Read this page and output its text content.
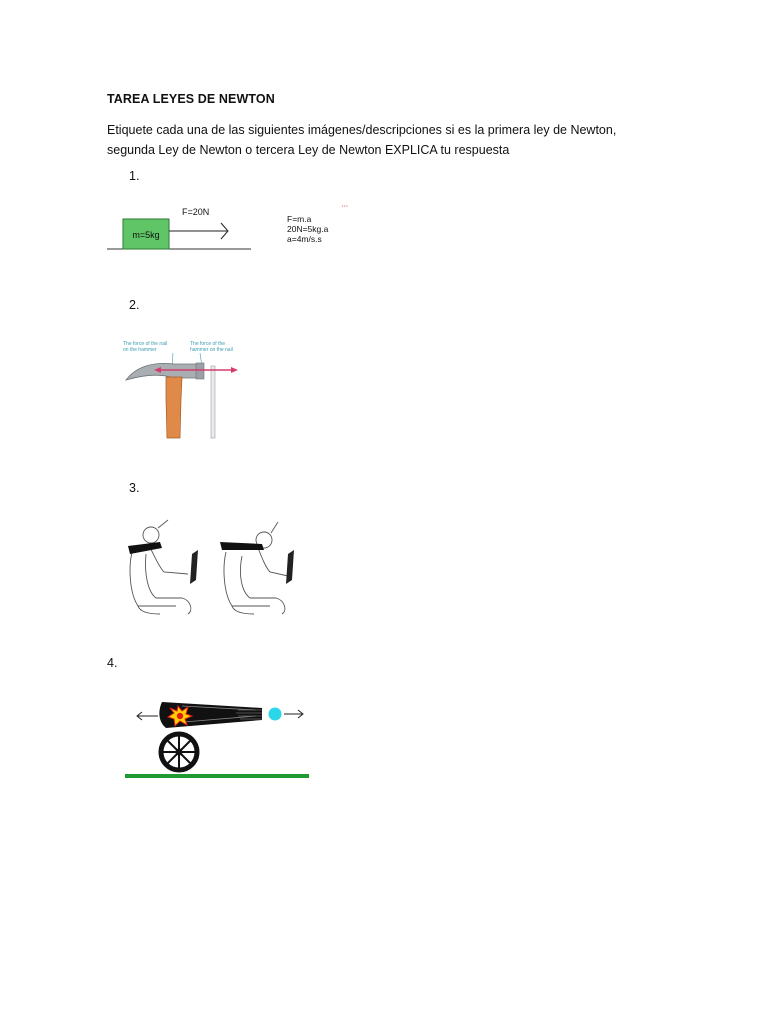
TAREA LEYES DE NEWTON
Etiquete cada una de las siguientes imágenes/descripciones si es la primera ley de Newton,
segunda Ley de Newton o tercera Ley de Newton EXPLICA tu respuesta
1.
m=5kg
F=20N
F=m.a
20N=5kg.a
a=4m/s.s
2.
The force of the nail
on the hammer
The force of the
hammer on the nail
3.
4.
